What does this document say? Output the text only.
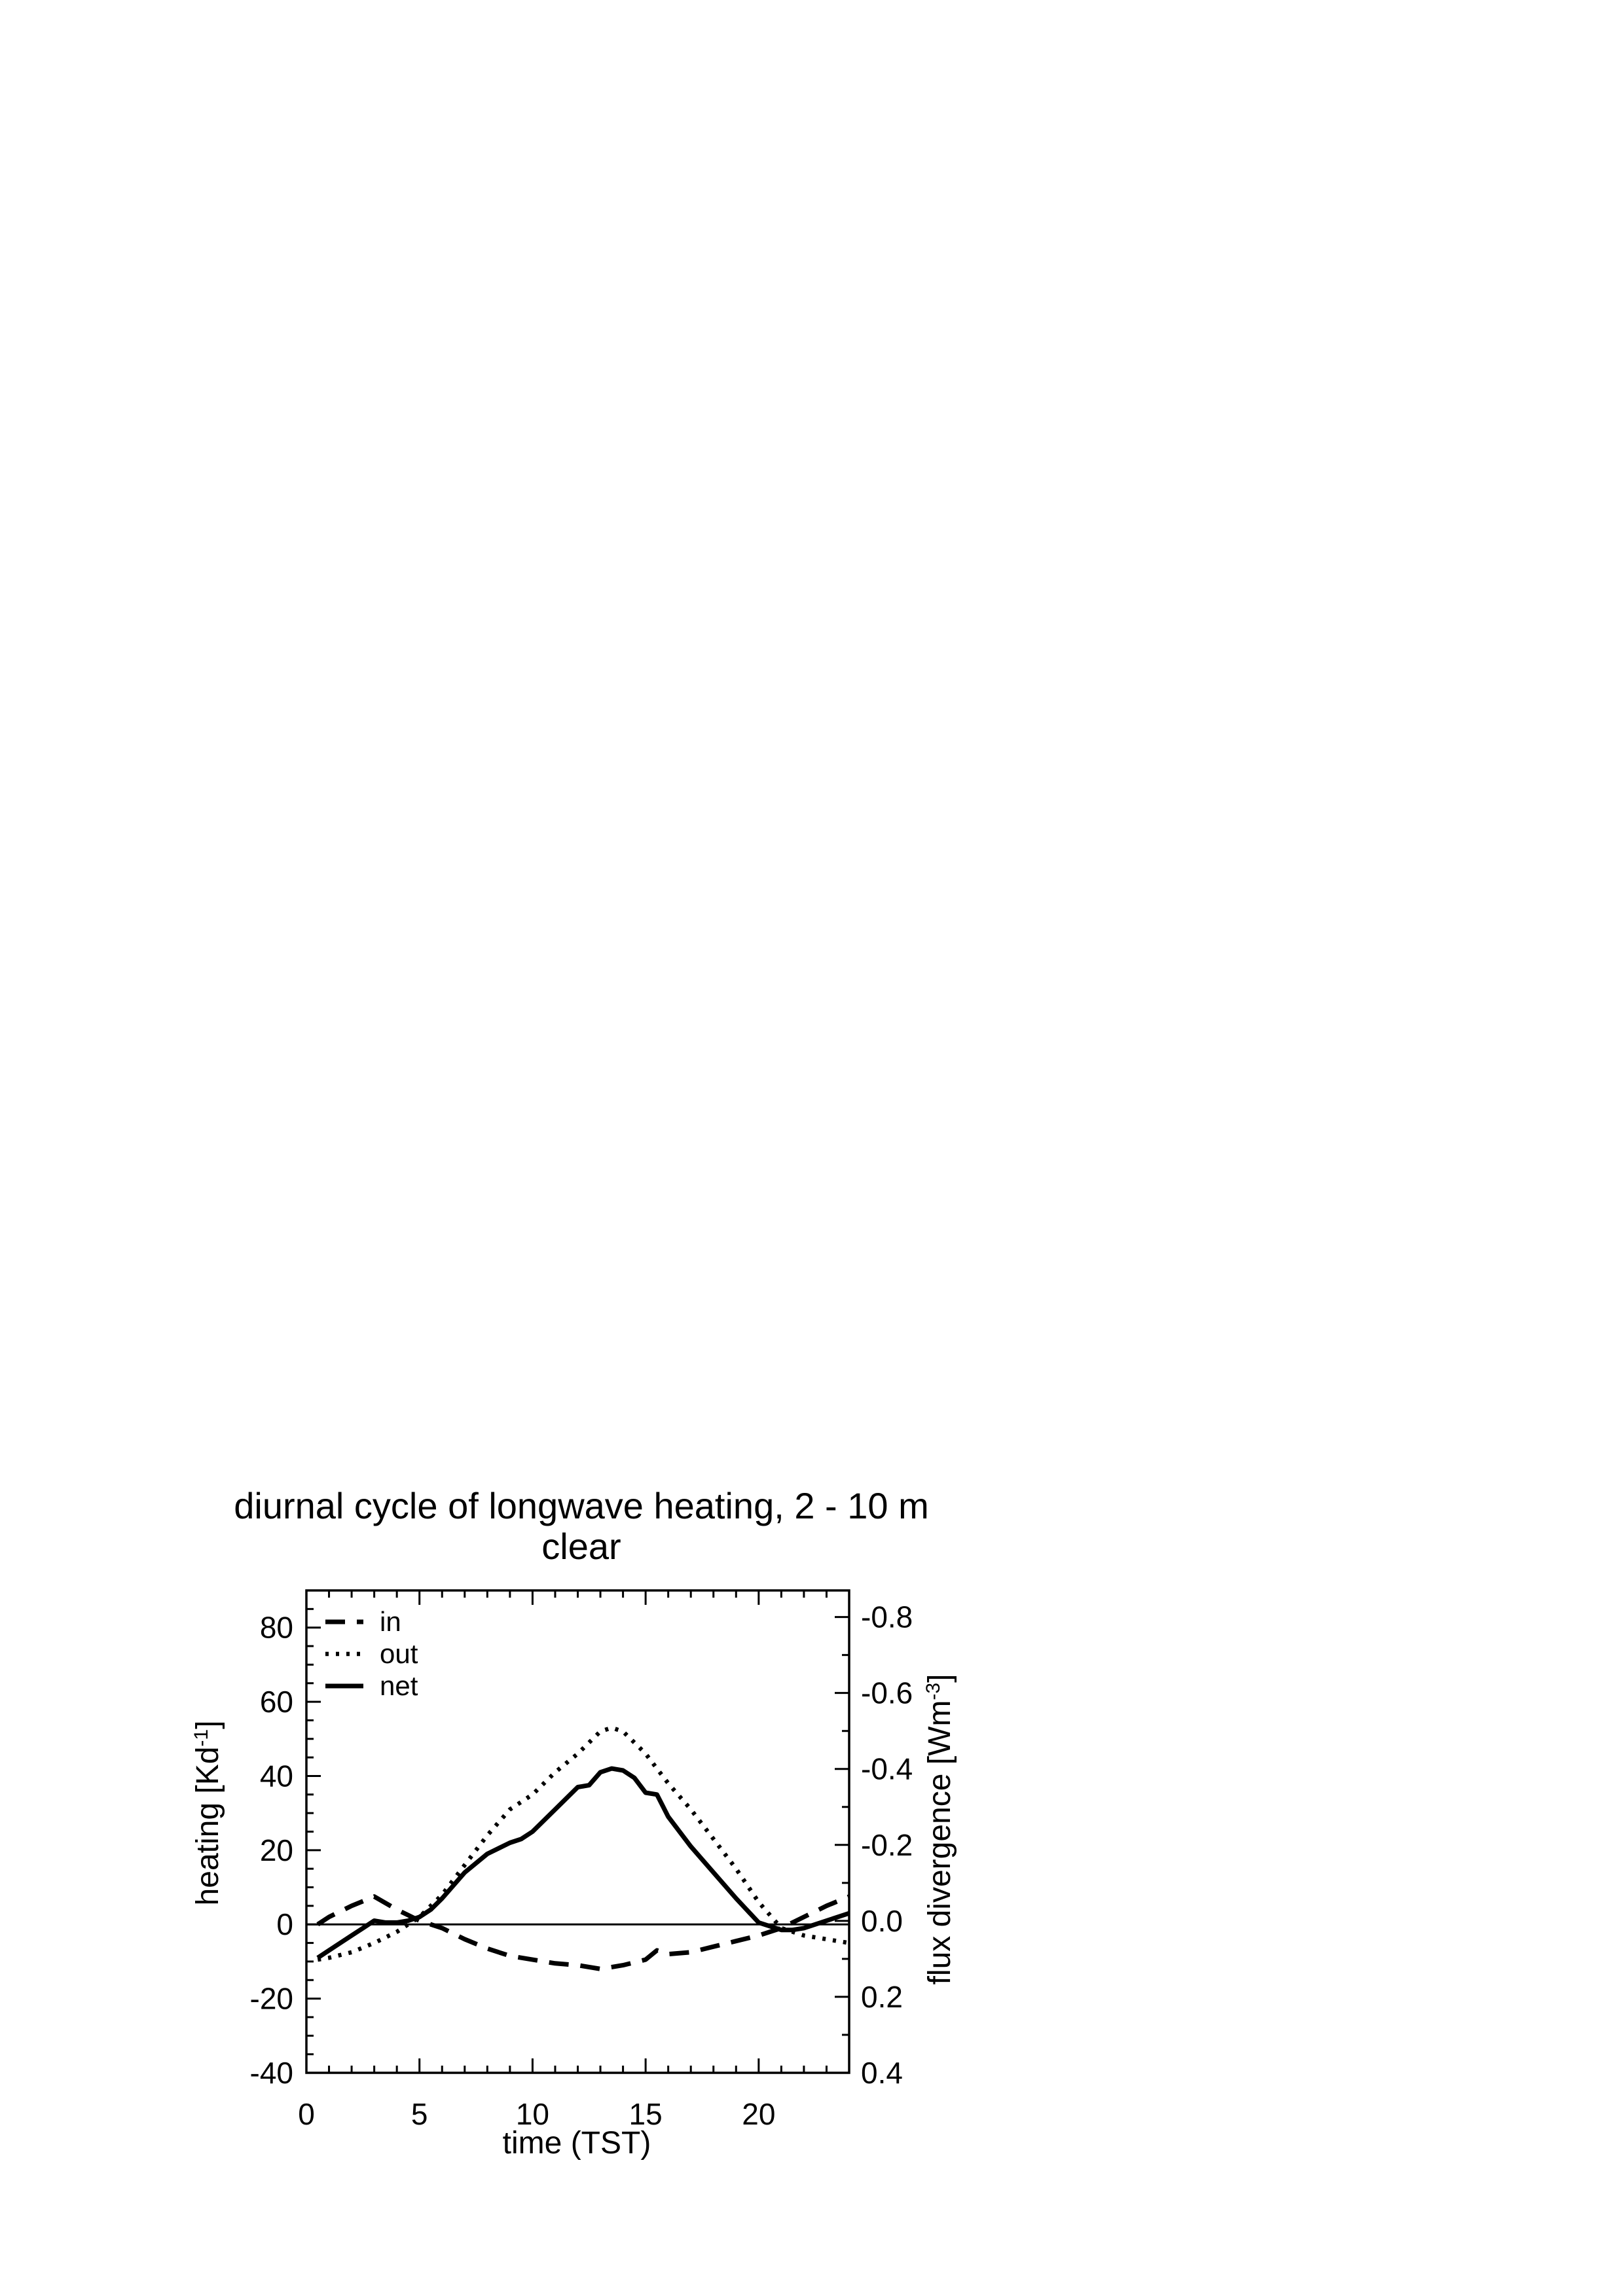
diurnal cycle of longwave heating, 2 - 10 m
clear
0	5	10	15	20
80
60
40
20
0
-20
-40
-0.8
-0.6
-0.4
-0.2
0.0
0.2
0.4
in
out
net
time (TST)
heating $[Kd^{-1}]$	flux divergence $[Wm^{-3}]$
